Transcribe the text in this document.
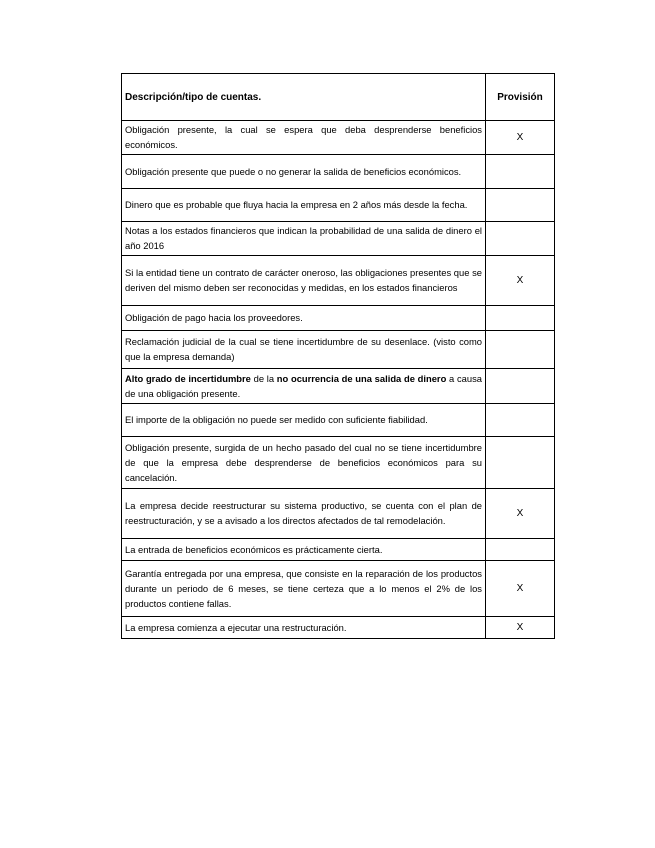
Descripción/tipo de cuentas.	Provisión
Obligación presente, la cual se espera que deba desprenderse beneficios económicos.	X
Obligación presente que puede o no generar la salida de beneficios económicos.	
Dinero que es probable que fluya hacia la empresa en 2 años más desde la fecha.	
Notas a los estados financieros que indican la probabilidad de una salida de dinero el año 2016	
Si la entidad tiene un contrato de carácter oneroso, las obligaciones presentes que se deriven del mismo deben ser reconocidas y medidas, en los estados financieros	X
Obligación de pago hacia los proveedores.	
Reclamación judicial de la cual se tiene incertidumbre de su desenlace. (visto como que la empresa demanda)	
Alto grado de incertidumbre de la no ocurrencia de una salida de dinero a causa de una obligación presente.	
El importe de la obligación no puede ser medido con suficiente fiabilidad.	
Obligación presente, surgida de un hecho pasado del cual no se tiene incertidumbre de que la empresa debe desprenderse de beneficios económicos para su cancelación.	
La empresa decide reestructurar su sistema productivo, se cuenta con el plan de reestructuración, y se a avisado a los directos afectados de tal remodelación.	X
La entrada de beneficios económicos es prácticamente cierta.	
Garantía entregada por una empresa, que consiste en la reparación de los productos durante un periodo de 6 meses, se tiene certeza que a lo menos el 2% de los productos contiene fallas.	X
La empresa comienza a ejecutar una restructuración.	X
